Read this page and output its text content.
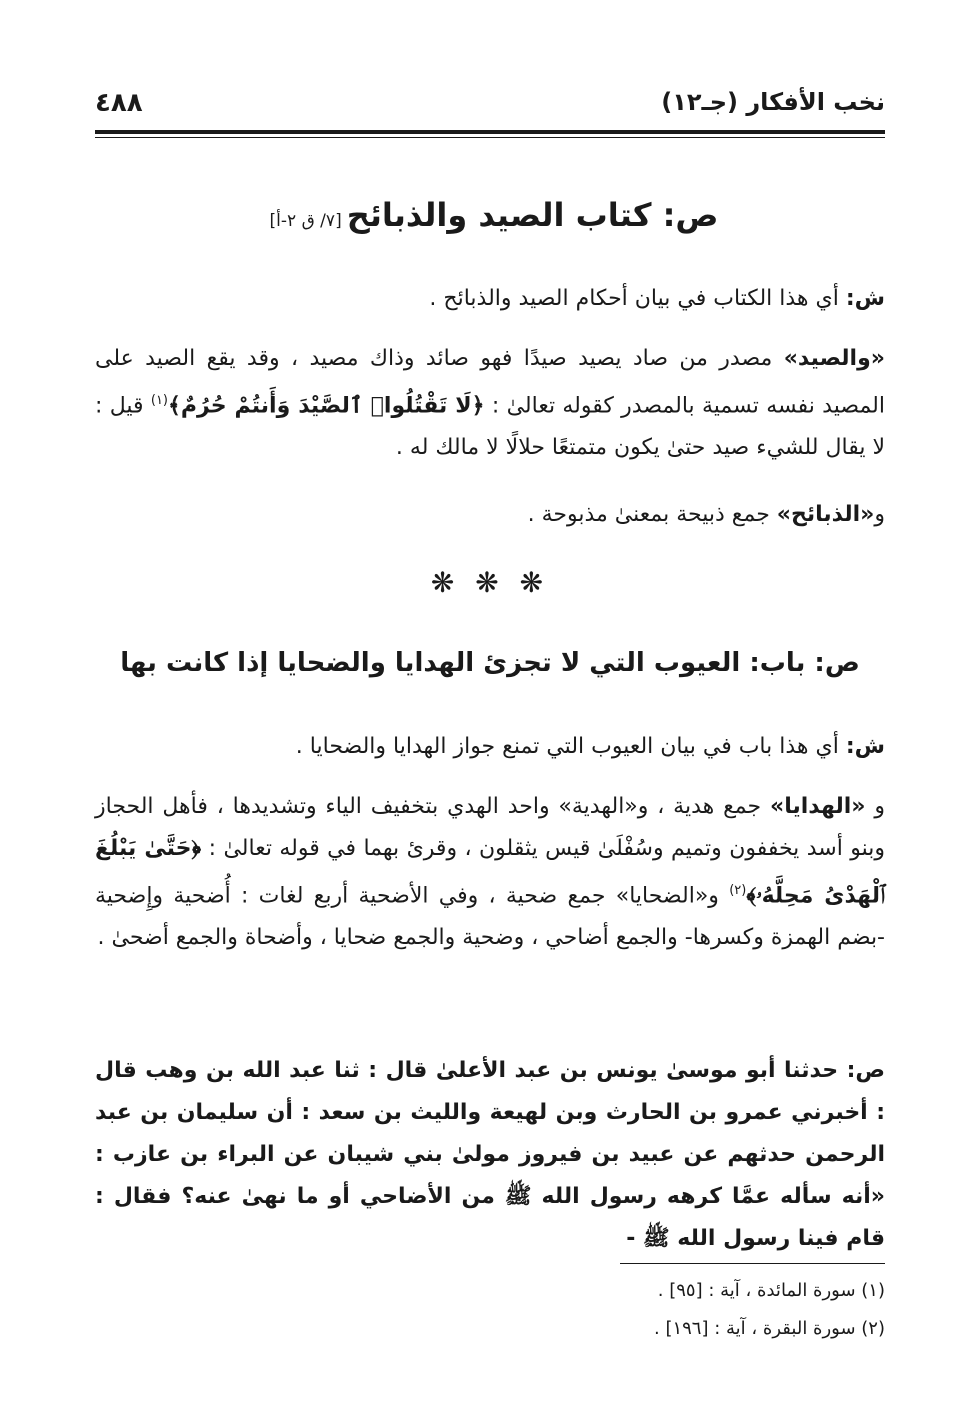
نخب الأفكار (جـ١٢)
٤٨٨
ص: كتاب الصيد والذبائح [٧/ ق ٢-أ]
ش: أي هذا الكتاب في بيان أحكام الصيد والذبائح .
«والصيد» مصدر من صاد يصيد صيدًا فهو صائد وذاك مصيد ، وقد يقع الصيد على المصيد نفسه تسمية بالمصدر كقوله تعالىٰ : ﴿لَا تَقْتُلُوا۟ ٱلصَّيْدَ وَأَنتُمْ حُرُمٌ﴾$^{(١)}$ قيل : لا يقال للشيء صيد حتىٰ يكون متمتعًا حلالًا لا مالك له .
و«الذبائح» جمع ذبيحة بمعنىٰ مذبوحة .
❋ ❋ ❋
ص: باب: العيوب التي لا تجزئ الهدايا والضحايا إذا كانت بها
ش: أي هذا باب في بيان العيوب التي تمنع جواز الهدايا والضحايا .
و «الهدايا» جمع هدية ، و«الهدية» واحد الهدي بتخفيف الياء وتشديدها ، فأهل الحجاز وبنو أسد يخففون وتميم وسُفْلَىٰ قيس يثقلون ، وقرئ بهما في قوله تعالىٰ : ﴿حَتَّىٰ يَبْلُغَ ٱلْهَدْىُ مَحِلَّهُۥ﴾$^{(٢)}$ و«الضحايا» جمع ضحية ، وفي الأضحية أربع لغات : أُضحية وإِضحية -بضم الهمزة وكسرها- والجمع أضاحي ، وضحية والجمع ضحايا ، وأضحاة والجمع أضحىٰ .
ص: حدثنا أبو موسىٰ يونس بن عبد الأعلىٰ قال : ثنا عبد الله بن وهب قال : أخبرني عمرو بن الحارث وبن لهيعة والليث بن سعد : أن سليمان بن عبد الرحمن حدثهم عن عبيد بن فيروز مولىٰ بني شيبان عن البراء بن عازب : «أنه سأله عمَّا كرهه رسول الله ﷺ من الأضاحي أو ما نهىٰ عنه؟ فقال : قام فينا رسول الله ﷺ -
(١) سورة المائدة ، آية : [٩٥] .
(٢) سورة البقرة ، آية : [١٩٦] .
